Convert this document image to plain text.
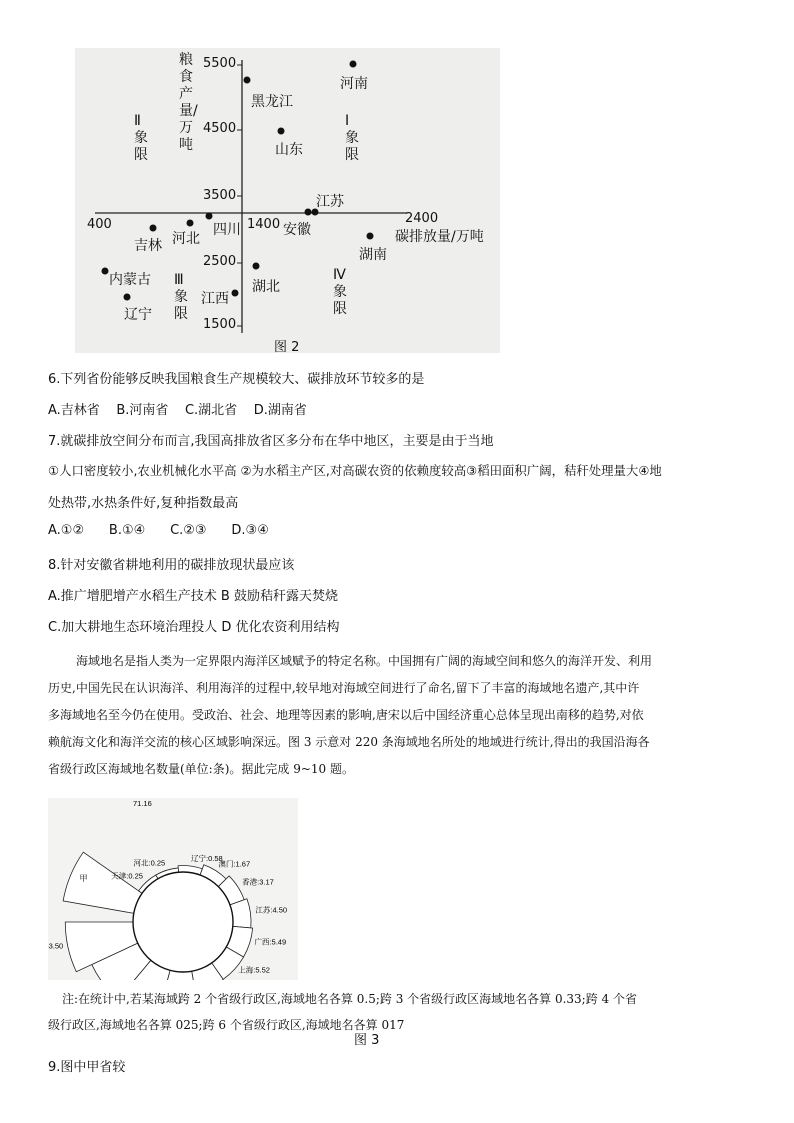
5500
4500
3500
2500
1500
400	1400	2400
粮食产量/万吨
碳排放量/万吨
Ⅰ象限
Ⅱ象限
Ⅲ象限
Ⅳ象限
黑龙江
河南
山东
江苏
安徽
四川
河北
吉林
湖南
湖北
江西
内蒙古
辽宁
图 2
6.下列省份能够反映我国粮食生产规模较大、碳排放环节较多的是
A.吉林省 B.河南省 C.湖北省 D.湖南省
7.就碳排放空间分布而言,我国高排放省区多分布在华中地区，主要是由于当地
①人口密度较小,农业机械化水平高 ②为水稻主产区,对高碳农资的依赖度较高③稻田面积广阔，秸秆处理量大④地
处热带,水热条件好,复种指数最高
A.①② B.①④ C.②③ D.③④
8.针对安徽省耕地利用的碳排放现状最应该
A.推广增肥增产水稻生产技术 B 鼓励秸秆露天焚烧
C.加大耕地生态环境治理投人 D 优化农资利用结构
海域地名是指人类为一定界限内海洋区域赋予的特定名称。中国拥有广阔的海域空间和悠久的海洋开发、利用
历史,中国先民在认识海洋、利用海洋的过程中,较早地对海域空间进行了命名,留下了丰富的海域地名遗产,其中许
多海域地名至今仍在使用。受政治、社会、地理等因素的影响,唐宋以后中国经济重心总体呈现出南移的趋势,对依
赖航海文化和海洋交流的核心区域影响深远。图 3 示意对 220 条海域地名所处的地域进行统计,得出的我国沿海各
省级行政区海域地名数量(单位:条)。据此完成 9~10 题。
71.16
天津:0.25
河北:0.25	辽宁:0.58
澳门:1.67
香港:3.17
江苏:4.50
广西:5.49
上海:5.52
3.50
甲
注:在统计中,若某海域跨 2 个省级行政区,海域地名各算 0.5;跨 3 个省级行政区海域地名各算 0.33;跨 4 个省
级行政区,海域地名各算 025;跨 6 个省级行政区,海域地名各算 017
图 3
9.图中甲省较
